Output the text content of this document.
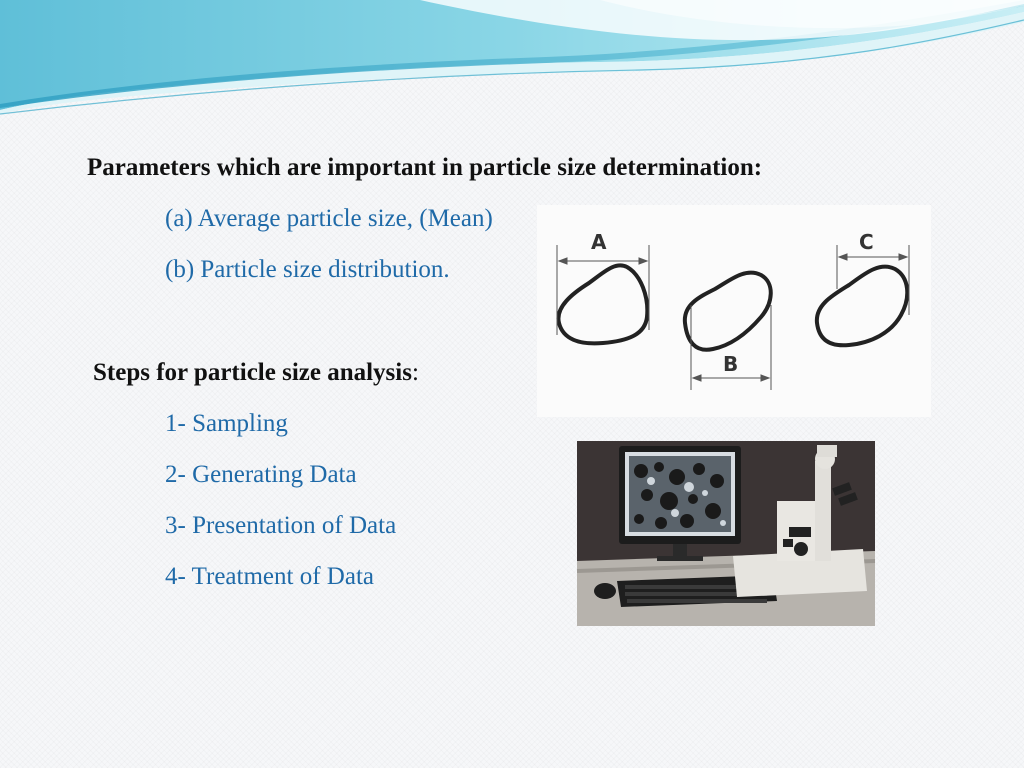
Parameters which are important in particle size determination:
(a) Average particle size, (Mean)
(b) Particle size distribution.
Steps for particle size analysis:
1- Sampling
2- Generating Data
3- Presentation of Data
4- Treatment of Data
A
B
C
